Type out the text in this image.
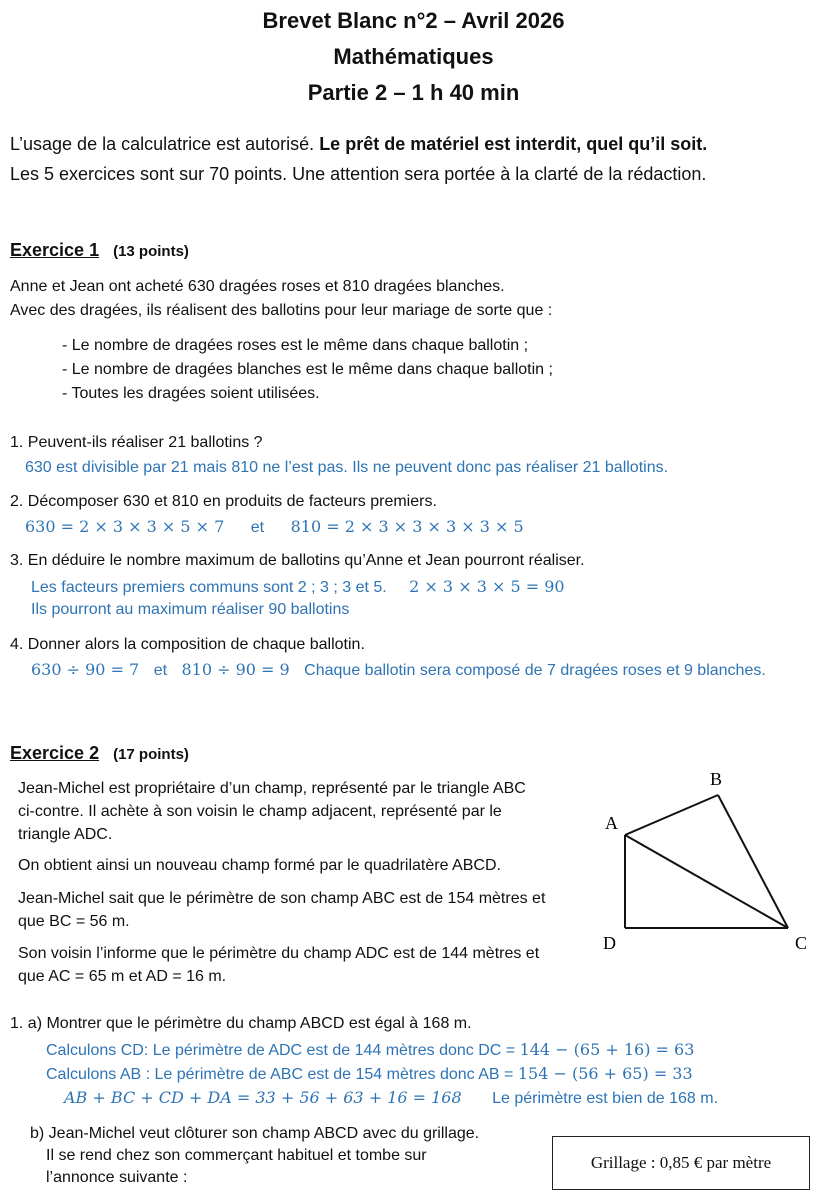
Brevet Blanc n°2 – Avril 2026
Mathématiques
Partie 2 – 1 h 40 min
L’usage de la calculatrice est autorisé. Le prêt de matériel est interdit, quel qu’il soit.
Les 5 exercices sont sur 70 points. Une attention sera portée à la clarté de la rédaction.
Exercice 1 (13 points)
Anne et Jean ont acheté 630 dragées roses et 810 dragées blanches.
Avec des dragées, ils réalisent des ballotins pour leur mariage de sorte que :
- Le nombre de dragées roses est le même dans chaque ballotin ;
- Le nombre de dragées blanches est le même dans chaque ballotin ;
- Toutes les dragées soient utilisées.
1. Peuvent-ils réaliser 21 ballotins ?
630 est divisible par 21 mais 810 ne l’est pas. Ils ne peuvent donc pas réaliser 21 ballotins.
2. Décomposer 630 et 810 en produits de facteurs premiers.
630 = 2 × 3 × 3 × 5 × 7 et 810 = 2 × 3 × 3 × 3 × 3 × 5
3. En déduire le nombre maximum de ballotins qu’Anne et Jean pourront réaliser.
Les facteurs premiers communs sont 2 ; 3 ; 3 et 5. 2 × 3 × 3 × 5 = 90
Ils pourront au maximum réaliser 90 ballotins
4. Donner alors la composition de chaque ballotin.
630 ÷ 90 = 7 et 810 ÷ 90 = 9 Chaque ballotin sera composé de 7 dragées roses et 9 blanches.
Exercice 2 (17 points)
Jean-Michel est propriétaire d’un champ, représenté par le triangle ABC
ci-contre. Il achète à son voisin le champ adjacent, représenté par le
triangle ADC.
On obtient ainsi un nouveau champ formé par le quadrilatère ABCD.
Jean-Michel sait que le périmètre de son champ ABC est de 154 mètres et
que BC = 56 m.
Son voisin l’informe que le périmètre du champ ADC est de 144 mètres et
que AC = 65 m et AD = 16 m.
A
B
C
D
1. a) Montrer que le périmètre du champ ABCD est égal à 168 m.
Calculons CD: Le périmètre de ADC est de 144 mètres donc DC = 144 − (65 + 16) = 63
Calculons AB : Le périmètre de ABC est de 154 mètres donc AB = 154 − (56 + 65) = 33
AB + BC + CD + DA = 33 + 56 + 63 + 16 = 168 Le périmètre est bien de 168 m.
b) Jean-Michel veut clôturer son champ ABCD avec du grillage.
Il se rend chez son commerçant habituel et tombe sur
l’annonce suivante :
Grillage : 0,85 € par mètre
